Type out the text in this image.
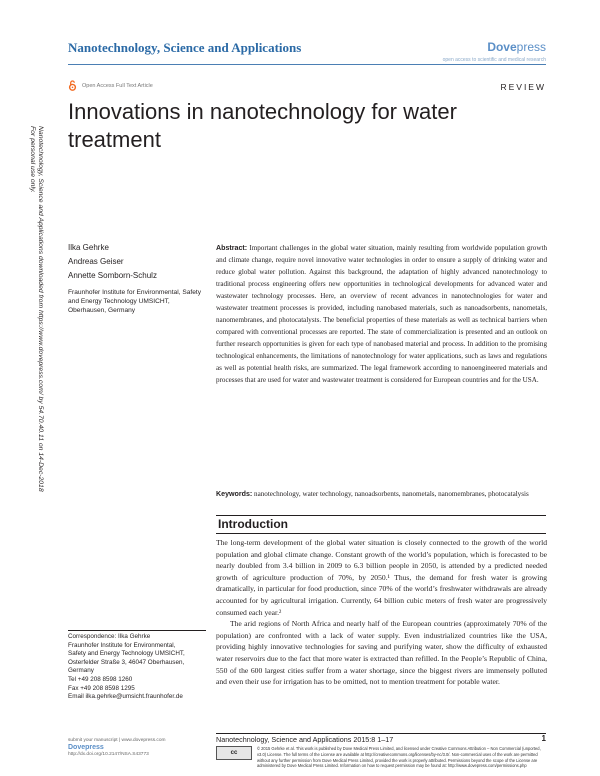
Nanotechnology, Science and Applications	Dovepress
open access to scientific and medical research
Open Access Full Text Article	REVIEW
Innovations in nanotechnology for water treatment
Nanotechnology, Science and Applications downloaded from https://www.dovepress.com/ by 54.70.40.11 on 14-Dec-2018
For personal use only.
Ilka Gehrke
Andreas Geiser
Annette Somborn-Schulz
Fraunhofer Institute for Environmental, Safety and Energy Technology UMSICHT, Oberhausen, Germany
Abstract: Important challenges in the global water situation, mainly resulting from worldwide population growth and climate change, require novel innovative water technologies in order to ensure a supply of drinking water and reduce global water pollution. Against this background, the adaptation of highly advanced nanotechnology to traditional process engineering offers new opportunities in technological developments for advanced water and wastewater technology processes. Here, an overview of recent advances in nanotechnologies for water and wastewater treatment processes is provided, including nanobased materials, such as nanoadsorbents, nanometals, nanomembranes, and photocatalysts. The beneficial properties of these materials as well as technical barriers when compared with conventional processes are reported. The state of commercialization is presented and an outlook on further research opportunities is given for each type of nanobased material and process. In addition to the promising technological enhancements, the limitations of nanotechnology for water applications, such as laws and regulations as well as potential health risks, are summarized. The legal framework according to nanoengineered materials and processes that are used for water and wastewater treatment is considered for European countries and for the USA.
Keywords: nanotechnology, water technology, nanoadsorbents, nanometals, nanomembranes, photocatalysis
Introduction

The long-term development of the global water situation is closely connected to the growth of the world population and global climate change. Constant growth of the world’s population, which is forecasted to be nearly doubled from 3.4 billion in 2009 to 6.3 billion people in 2050, is attended by a predicted needed growth of agriculture production of 70%, by 2050.¹ Thus, the demand for fresh water is growing dramatically, in particular for food production, since 70% of the world’s freshwater withdrawals are already accounted for by agricultural irrigation. Currently, 64 billion cubic meters of fresh water are progressively consumed each year.²

The arid regions of North Africa and nearly half of the European countries (approximately 70% of the population) are confronted with a lack of water supply. Even industrialized countries like the USA, providing highly innovative technologies for saving and purifying water, show the difficulty of exhausted water reservoirs due to the fact that more water is extracted than refilled. In the People’s Republic of China, 550 of the 600 largest cities suffer from a water shortage, since the biggest rivers are immensely polluted and even their use for irrigation has to be omitted, not to mention treatment for potable water.

Correspondence: Ilka Gehrke
Fraunhofer Institute for Environmental,
Safety and Energy Technology UMSICHT,
Osterfelder Straße 3, 46047 Oberhausen,
Germany
Tel +49 208 8598 1260
Fax +49 208 8598 1295
Email ilka.gehrke@umsicht.fraunhofer.de
Nanotechnology, Science and Applications 2015:8 1–17	1
submit your manuscript | www.dovepress.com
Dovepress
http://dx.doi.org/10.2147/NSA.S43773	cc
© 2015 Gehrke et al. This work is published by Dove Medical Press Limited, and licensed under Creative Commons Attribution – Non Commercial (unported, v3.0) License. The full terms of the License are available at http://creativecommons.org/licenses/by-nc/3.0/. Non-commercial uses of the work are permitted without any further permission from Dove Medical Press Limited, provided the work is properly attributed. Permissions beyond the scope of the License are administered by Dove Medical Press Limited. Information on how to request permission may be found at: http://www.dovepress.com/permissions.php
